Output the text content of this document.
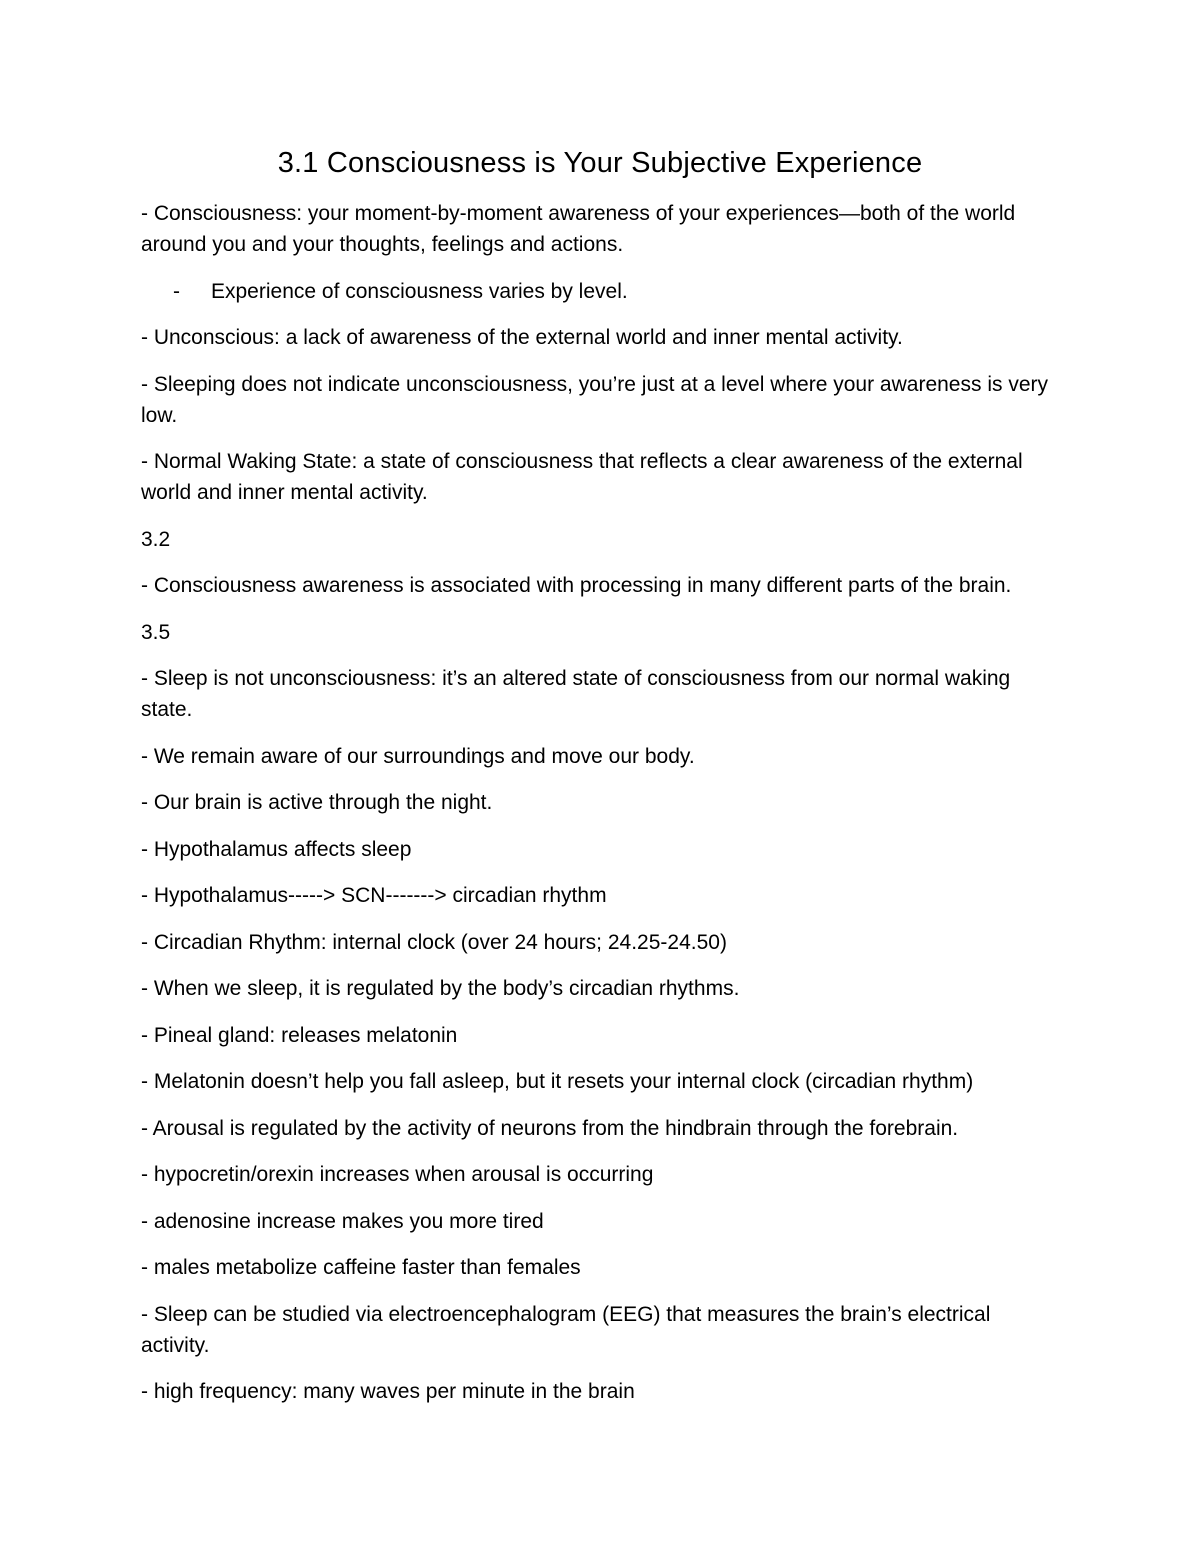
3.1 Consciousness is Your Subjective Experience

- Consciousness: your moment-by-moment awareness of your experiences—both of the world around you and your thoughts, feelings and actions.

- Experience of consciousness varies by level.

- Unconscious: a lack of awareness of the external world and inner mental activity.

- Sleeping does not indicate unconsciousness, you’re just at a level where your awareness is very low.

- Normal Waking State: a state of consciousness that reflects a clear awareness of the external world and inner mental activity.

3.2

- Consciousness awareness is associated with processing in many different parts of the brain.

3.5

- Sleep is not unconsciousness: it’s an altered state of consciousness from our normal waking state.

- We remain aware of our surroundings and move our body.

- Our brain is active through the night.

- Hypothalamus affects sleep

- Hypothalamus-----> SCN-------> circadian rhythm

- Circadian Rhythm: internal clock (over 24 hours; 24.25-24.50)

- When we sleep, it is regulated by the body’s circadian rhythms.

- Pineal gland: releases melatonin

- Melatonin doesn’t help you fall asleep, but it resets your internal clock (circadian rhythm)

- Arousal is regulated by the activity of neurons from the hindbrain through the forebrain.

- hypocretin/orexin increases when arousal is occurring

- adenosine increase makes you more tired

- males metabolize caffeine faster than females

- Sleep can be studied via electroencephalogram (EEG) that measures the brain’s electrical activity.

- high frequency: many waves per minute in the brain
